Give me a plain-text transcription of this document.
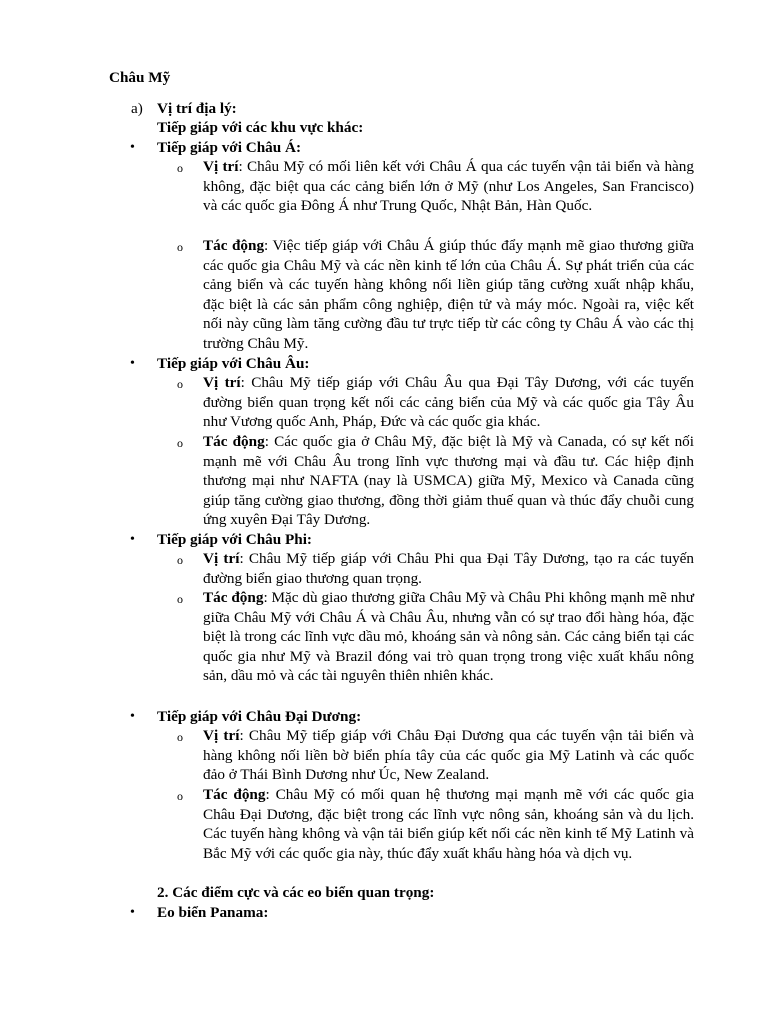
Châu Mỹ
a) Vị trí địa lý:
Tiếp giáp với các khu vực khác:
• Tiếp giáp với Châu Á:
o Vị trí: Châu Mỹ có mối liên kết với Châu Á qua các tuyến vận tải biển và hàng không, đặc biệt qua các cảng biển lớn ở Mỹ (như Los Angeles, San Francisco) và các quốc gia Đông Á như Trung Quốc, Nhật Bản, Hàn Quốc.
o Tác động: Việc tiếp giáp với Châu Á giúp thúc đẩy mạnh mẽ giao thương giữa các quốc gia Châu Mỹ và các nền kinh tế lớn của Châu Á. Sự phát triển của các cảng biển và các tuyến hàng không nối liền giúp tăng cường xuất nhập khẩu, đặc biệt là các sản phẩm công nghiệp, điện tử và máy móc. Ngoài ra, việc kết nối này cũng làm tăng cường đầu tư trực tiếp từ các công ty Châu Á vào các thị trường Châu Mỹ.
• Tiếp giáp với Châu Âu:
o Vị trí: Châu Mỹ tiếp giáp với Châu Âu qua Đại Tây Dương, với các tuyến đường biển quan trọng kết nối các cảng biển của Mỹ và các quốc gia Tây Âu như Vương quốc Anh, Pháp, Đức và các quốc gia khác.
o Tác động: Các quốc gia ở Châu Mỹ, đặc biệt là Mỹ và Canada, có sự kết nối mạnh mẽ với Châu Âu trong lĩnh vực thương mại và đầu tư. Các hiệp định thương mại như NAFTA (nay là USMCA) giữa Mỹ, Mexico và Canada cũng giúp tăng cường giao thương, đồng thời giảm thuế quan và thúc đẩy chuỗi cung ứng xuyên Đại Tây Dương.
• Tiếp giáp với Châu Phi:
o Vị trí: Châu Mỹ tiếp giáp với Châu Phi qua Đại Tây Dương, tạo ra các tuyến đường biển giao thương quan trọng.
o Tác động: Mặc dù giao thương giữa Châu Mỹ và Châu Phi không mạnh mẽ như giữa Châu Mỹ với Châu Á và Châu Âu, nhưng vẫn có sự trao đổi hàng hóa, đặc biệt là trong các lĩnh vực dầu mỏ, khoáng sản và nông sản. Các cảng biển tại các quốc gia như Mỹ và Brazil đóng vai trò quan trọng trong việc xuất khẩu nông sản, dầu mỏ và các tài nguyên thiên nhiên khác.
• Tiếp giáp với Châu Đại Dương:
o Vị trí: Châu Mỹ tiếp giáp với Châu Đại Dương qua các tuyến vận tải biển và hàng không nối liền bờ biển phía tây của các quốc gia Mỹ Latinh và các quốc đảo ở Thái Bình Dương như Úc, New Zealand.
o Tác động: Châu Mỹ có mối quan hệ thương mại mạnh mẽ với các quốc gia Châu Đại Dương, đặc biệt trong các lĩnh vực nông sản, khoáng sản và du lịch. Các tuyến hàng không và vận tải biển giúp kết nối các nền kinh tế Mỹ Latinh và Bắc Mỹ với các quốc gia này, thúc đẩy xuất khẩu hàng hóa và dịch vụ.
2. Các điểm cực và các eo biển quan trọng:
• Eo biển Panama:
